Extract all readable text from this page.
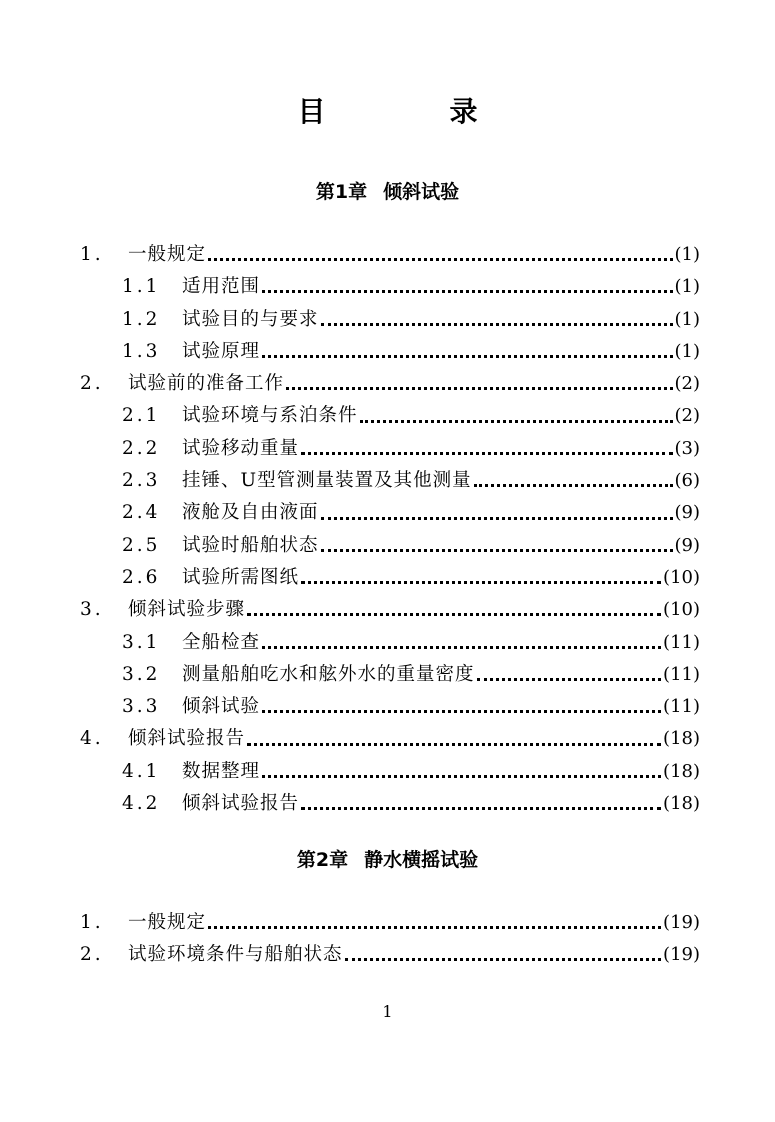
目　录
第1章 倾斜试验
1.	一般规定	(1)
1.1	适用范围	(1)
1.2	试验目的与要求	(1)
1.3	试验原理	(1)
2.	试验前的准备工作	(2)
2.1	试验环境与系泊条件	(2)
2.2	试验移动重量	(3)
2.3	挂锤、U型管测量装置及其他测量	(6)
2.4	液舱及自由液面	(9)
2.5	试验时船舶状态	(9)
2.6	试验所需图纸	(10)
3.	倾斜试验步骤	(10)
3.1	全船检查	(11)
3.2	测量船舶吃水和舷外水的重量密度	(11)
3.3	倾斜试验	(11)
4.	倾斜试验报告	(18)
4.1	数据整理	(18)
4.2	倾斜试验报告	(18)
第2章 静水横摇试验
1.	一般规定	(19)
2.	试验环境条件与船舶状态	(19)
1
